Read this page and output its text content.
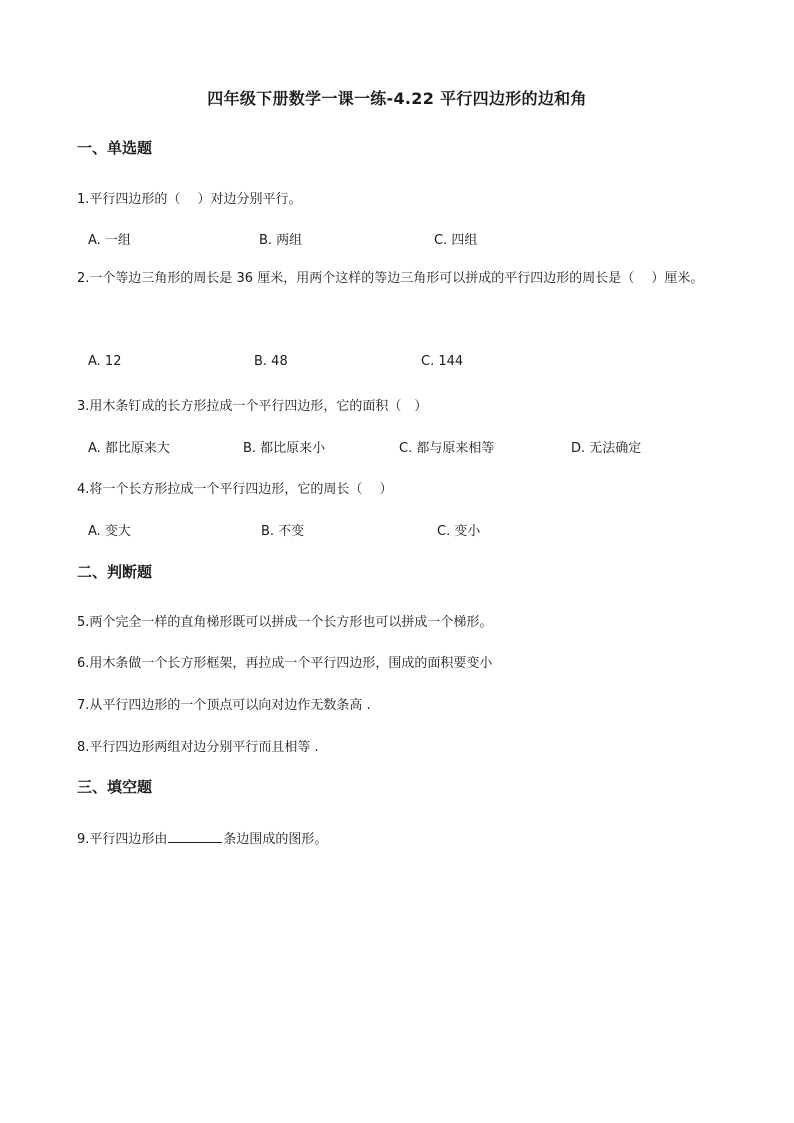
四年级下册数学一课一练-4.22 平行四边形的边和角
一、单选题
1.平行四边形的（　 ）对边分别平行。
A. 一组	B. 两组	C. 四组
2.一个等边三角形的周长是 36 厘米，用两个这样的等边三角形可以拼成的平行四边形的周长是（　 ）厘米。
A. 12	B. 48	C. 144
3.用木条钉成的长方形拉成一个平行四边形，它的面积（　）
A. 都比原来大	B. 都比原来小	C. 都与原来相等	D. 无法确定
4.将一个长方形拉成一个平行四边形，它的周长（　 ）
A. 变大	B. 不变	C. 变小
二、判断题
5.两个完全一样的直角梯形既可以拼成一个长方形也可以拼成一个梯形。
6.用木条做一个长方形框架，再拉成一个平行四边形，围成的面积要变小
7.从平行四边形的一个顶点可以向对边作无数条高 .
8.平行四边形两组对边分别平行而且相等 .
三、填空题
9.平行四边形由	条边围成的图形。
